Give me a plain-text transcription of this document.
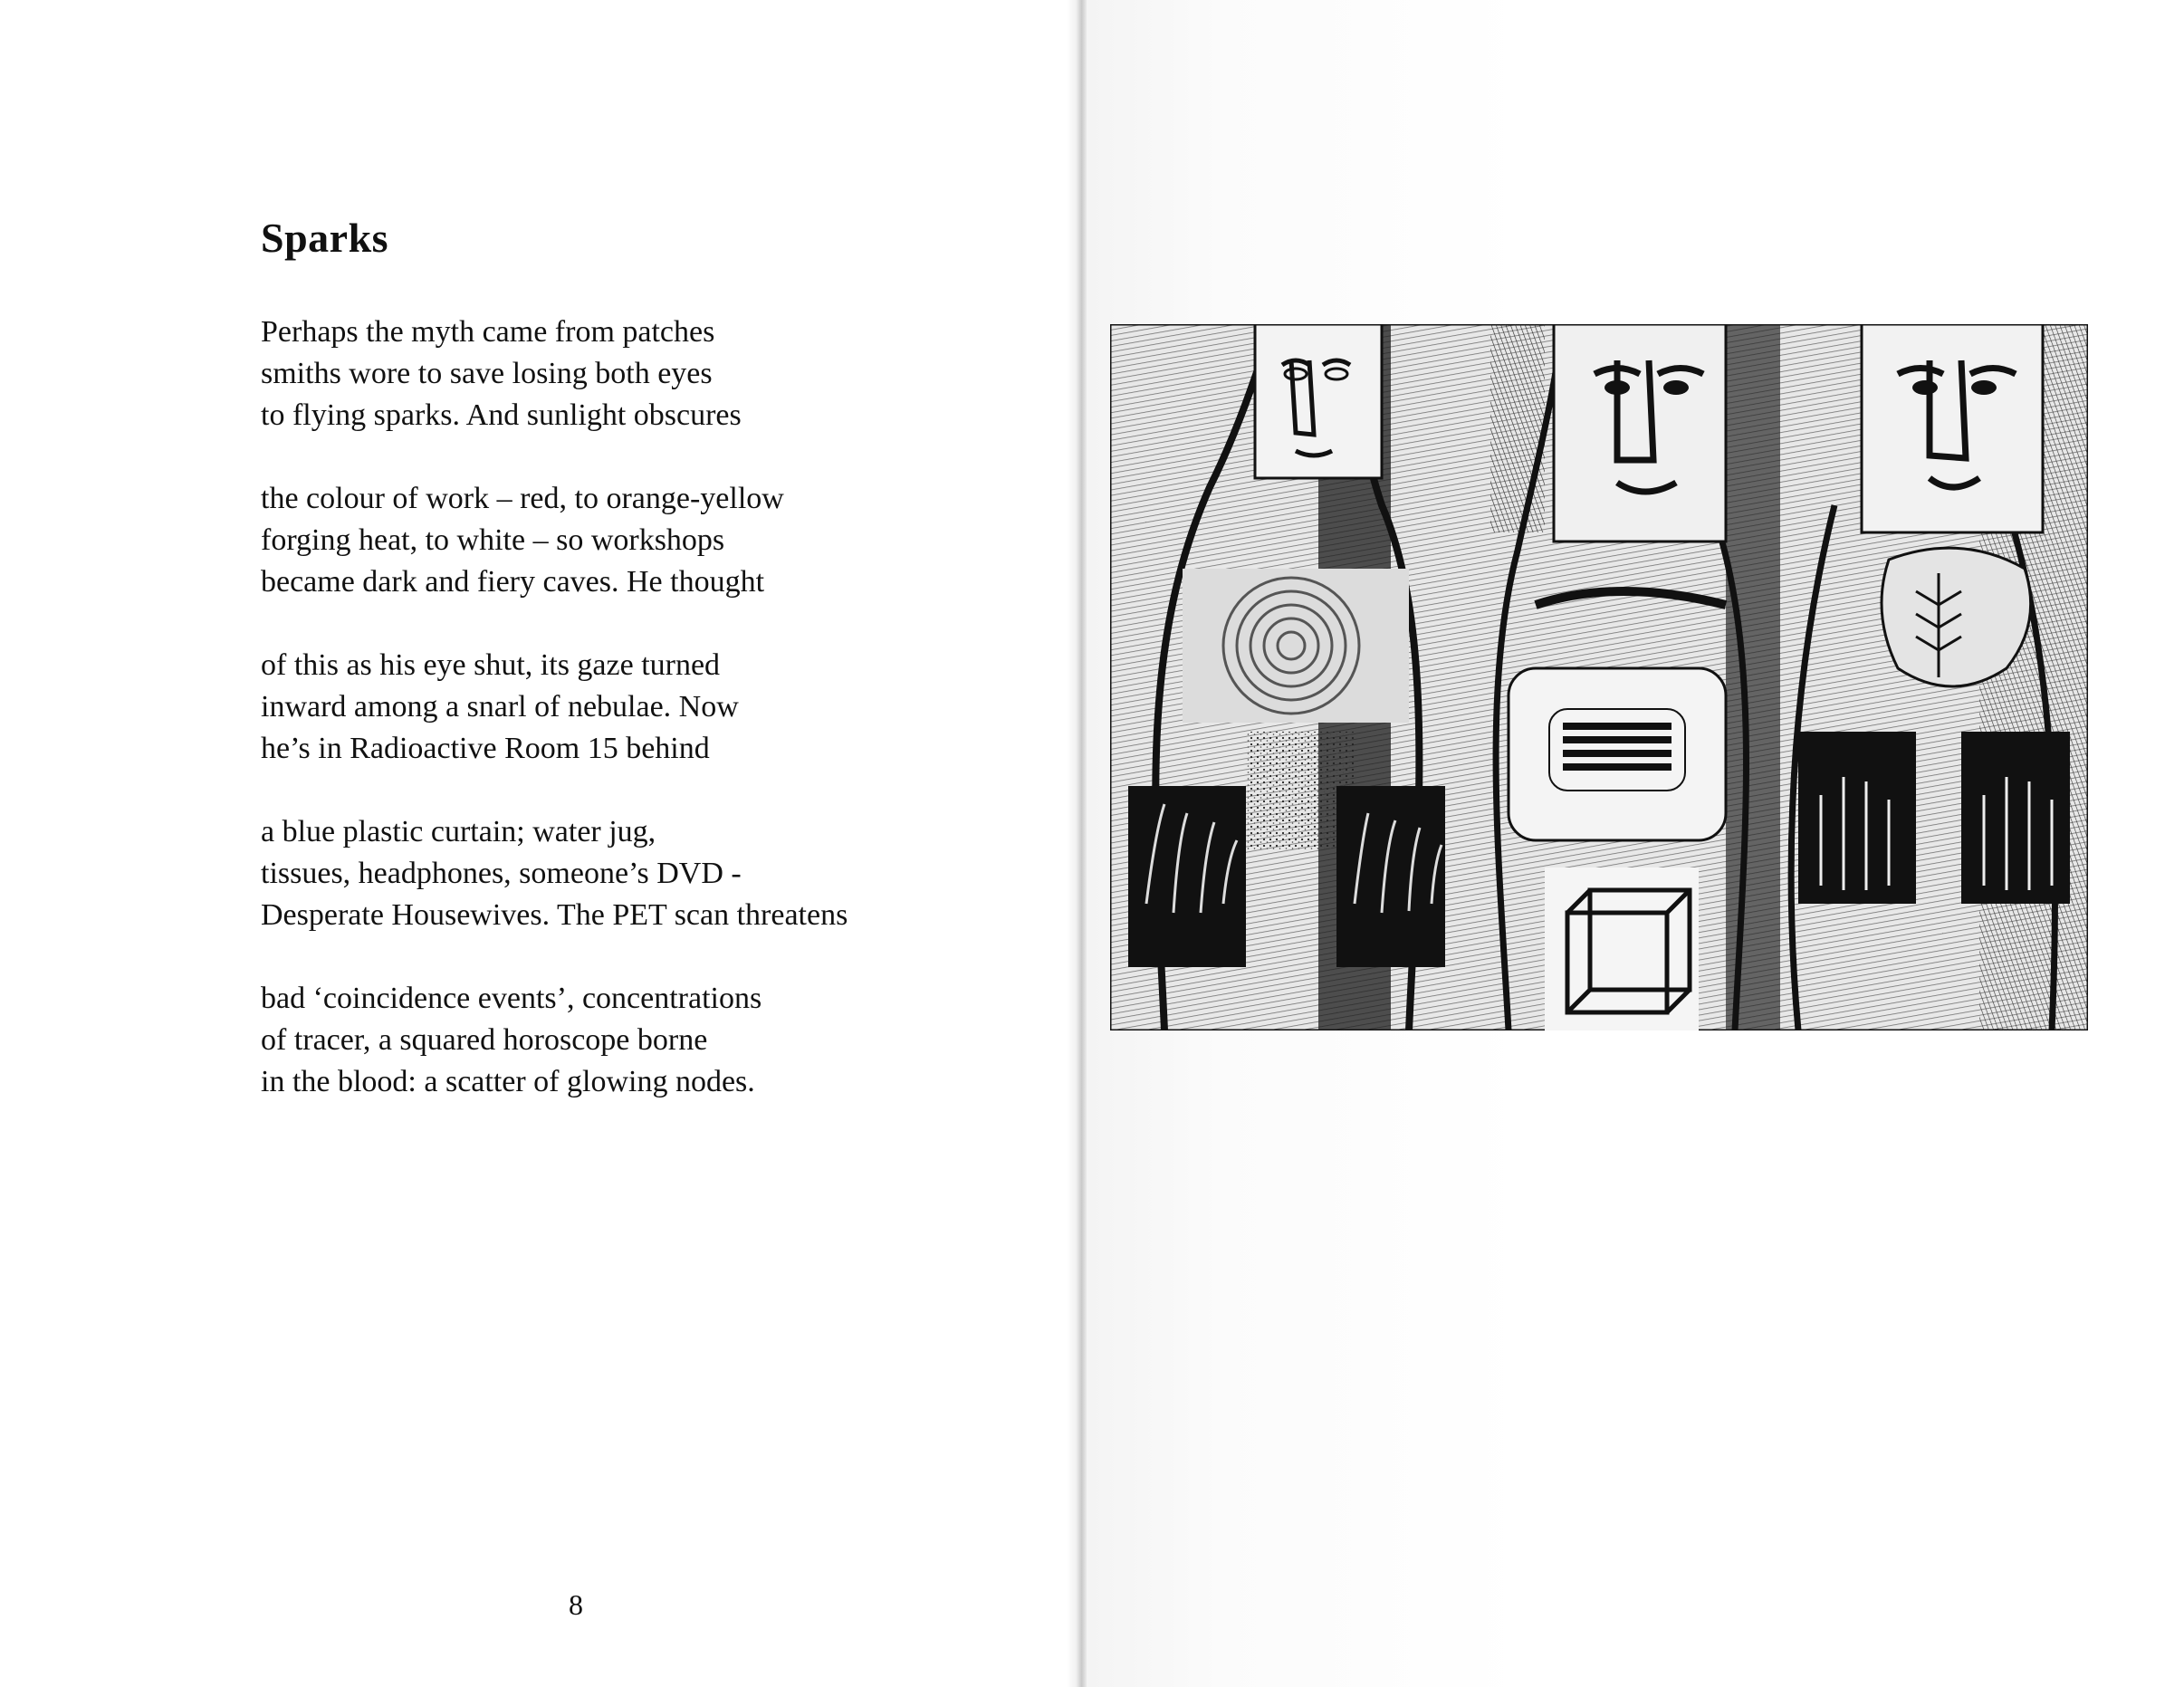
Sparks
Perhaps the myth came from patches
smiths wore to save losing both eyes
to flying sparks. And sunlight obscures
the colour of work – red, to orange-yellow
forging heat, to white – so workshops
became dark and fiery caves. He thought
of this as his eye shut, its gaze turned
inward among a snarl of nebulae. Now
he’s in Radioactive Room 15 behind
a blue plastic curtain; water jug,
tissues, headphones, someone’s DVD -
Desperate Housewives. The PET scan threatens
bad ‘coincidence events’, concentrations
of tracer, a squared horoscope borne
in the blood: a scatter of glowing nodes.
8
